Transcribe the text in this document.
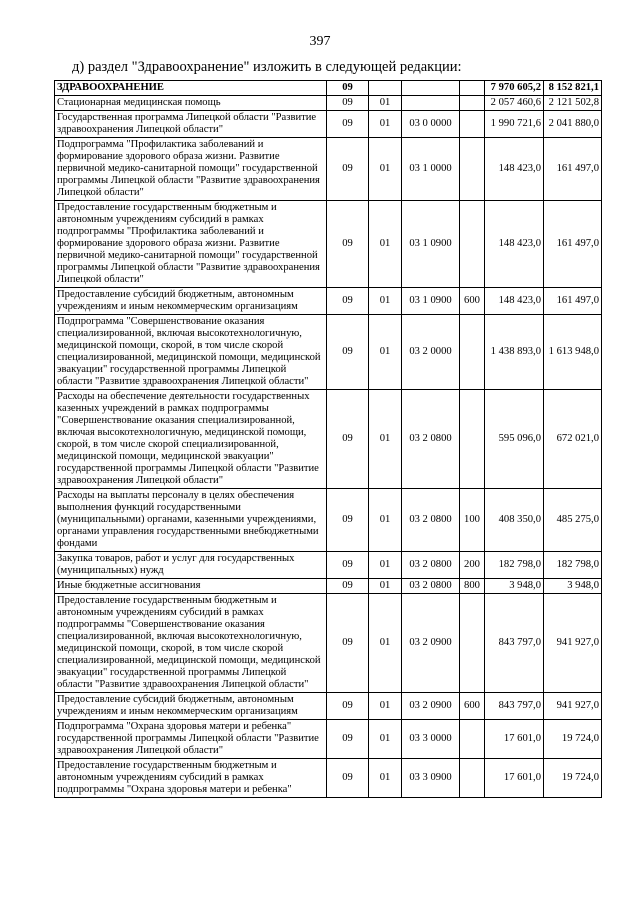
397
д) раздел "Здравоохранение" изложить в следующей редакции:
ЗДРАВООХРАНЕНИЕ	09				7 970 605,2	8 152 821,1
Стационарная медицинская помощь	09	01			2 057 460,6	2 121 502,8
Государственная программа Липецкой области "Развитие здравоохранения Липецкой области"	09	01	03 0 0000		1 990 721,6	2 041 880,0
Подпрограмма "Профилактика заболеваний и формирование здорового образа жизни. Развитие первичной медико-санитарной помощи" государственной программы Липецкой области "Развитие здравоохранения Липецкой области"	09	01	03 1 0000		148 423,0	161 497,0
Предоставление государственным бюджетным и автономным учреждениям субсидий в рамках подпрограммы "Профилактика заболеваний и формирование здорового образа жизни. Развитие первичной медико-санитарной помощи" государственной программы Липецкой области "Развитие здравоохранения Липецкой области"	09	01	03 1 0900		148 423,0	161 497,0
Предоставление субсидий бюджетным, автономным учреждениям и иным некоммерческим организациям	09	01	03 1 0900	600	148 423,0	161 497,0
Подпрограмма "Совершенствование оказания специализированной, включая высокотехнологичную, медицинской помощи, скорой, в том числе скорой специализированной, медицинской помощи, медицинской эвакуации" государственной программы Липецкой области "Развитие здравоохранения Липецкой области"	09	01	03 2 0000		1 438 893,0	1 613 948,0
Расходы на обеспечение деятельности государственных казенных учреждений в рамках подпрограммы "Совершенствование оказания специализированной, включая высокотехнологичную, медицинской помощи, скорой, в том числе скорой специализированной, медицинской помощи, медицинской эвакуации" государственной программы Липецкой области "Развитие здравоохранения Липецкой области"	09	01	03 2 0800		595 096,0	672 021,0
Расходы на выплаты персоналу в целях обеспечения выполнения функций государственными (муниципальными) органами, казенными учреждениями, органами управления государственными внебюджетными фондами	09	01	03 2 0800	100	408 350,0	485 275,0
Закупка товаров, работ и услуг для государственных (муниципальных) нужд	09	01	03 2 0800	200	182 798,0	182 798,0
Иные бюджетные ассигнования	09	01	03 2 0800	800	3 948,0	3 948,0
Предоставление государственным бюджетным и автономным учреждениям субсидий в рамках подпрограммы "Совершенствование оказания специализированной, включая высокотехнологичную, медицинской помощи, скорой, в том числе скорой специализированной, медицинской помощи, медицинской эвакуации" государственной программы Липецкой области "Развитие здравоохранения Липецкой области"	09	01	03 2 0900		843 797,0	941 927,0
Предоставление субсидий бюджетным, автономным учреждениям и иным некоммерческим организациям	09	01	03 2 0900	600	843 797,0	941 927,0
Подпрограмма "Охрана здоровья матери и ребенка" государственной программы Липецкой области "Развитие здравоохранения Липецкой области"	09	01	03 3 0000		17 601,0	19 724,0
Предоставление государственным бюджетным и автономным учреждениям субсидий в рамках подпрограммы "Охрана здоровья матери и ребенка"	09	01	03 3 0900		17 601,0	19 724,0
